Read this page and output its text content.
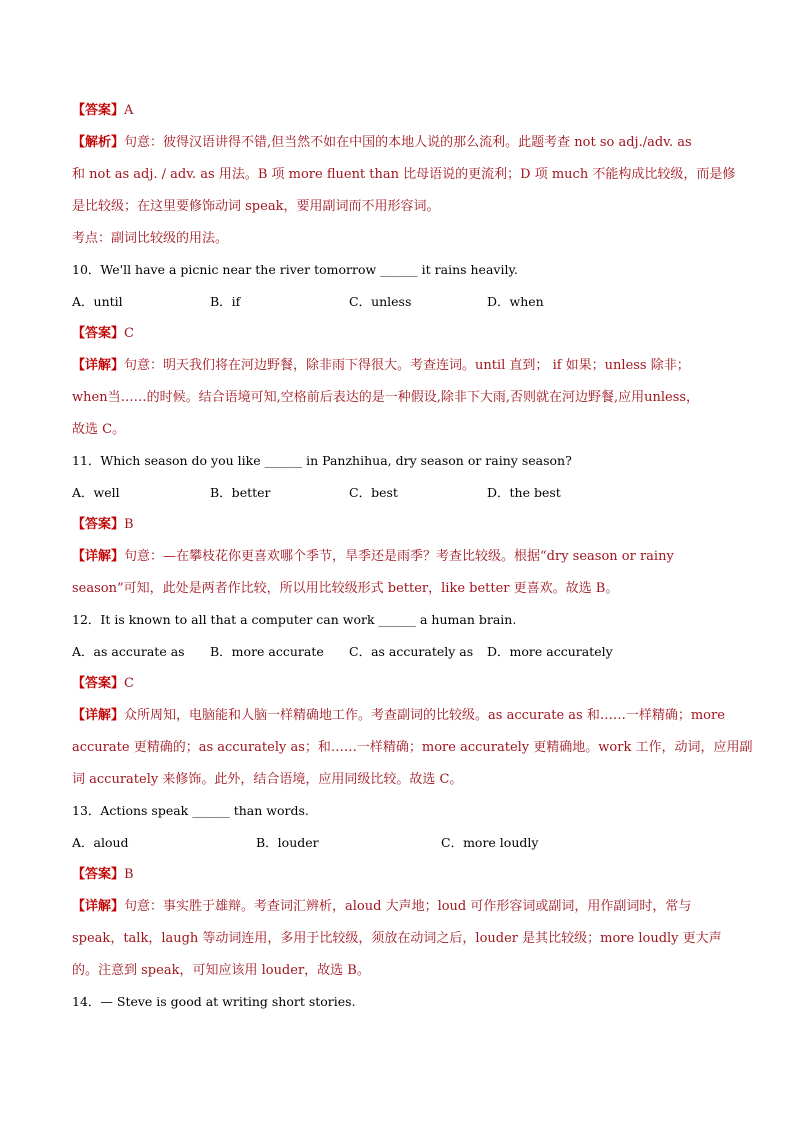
【答案】A
【解析】句意：彼得汉语讲得不错,但当然不如在中国的本地人说的那么流利。此题考查 not so adj./adv. as
和 not as adj. / adv. as 用法。B 项 more fluent than 比母语说的更流利；D 项 much 不能构成比较级，而是修
是比较级；在这里要修饰动词 speak，要用副词而不用形容词。
考点：副词比较级的用法。
10．We'll have a picnic near the river tomorrow ______ it rains heavily.
A．until	B．if	C．unless	D．when
【答案】C
【详解】句意：明天我们将在河边野餐，除非雨下得很大。考查连词。until 直到； if 如果；unless 除非；
when当……的时候。结合语境可知,空格前后表达的是一种假设,除非下大雨,否则就在河边野餐,应用unless，
故选 C。
11．Which season do you like ______ in Panzhihua, dry season or rainy season?
A．well	B．better	C．best	D．the best
【答案】B
【详解】句意：—在攀枝花你更喜欢哪个季节，旱季还是雨季？考查比较级。根据“dry season or rainy
season”可知，此处是两者作比较，所以用比较级形式 better，like better 更喜欢。故选 B。
12．It is known to all that a computer can work ______ a human brain.
A．as accurate as B．more accurate C．as accurately as D．more accurately
【答案】C
【详解】众所周知，电脑能和人脑一样精确地工作。考查副词的比较级。as accurate as 和……一样精确；more
accurate 更精确的；as accurately as；和……一样精确；more accurately 更精确地。work 工作，动词，应用副
词 accurately 来修饰。此外，结合语境，应用同级比较。故选 C。
13．Actions speak ______ than words.
A．aloud	B．louder	C．more loudly
【答案】B
【详解】句意：事实胜于雄辩。考查词汇辨析，aloud 大声地；loud 可作形容词或副词，用作副词时，常与
speak，talk，laugh 等动词连用，多用于比较级，须放在动词之后，louder 是其比较级；more loudly 更大声
的。注意到 speak，可知应该用 louder，故选 B。
14．— Steve is good at writing short stories.
